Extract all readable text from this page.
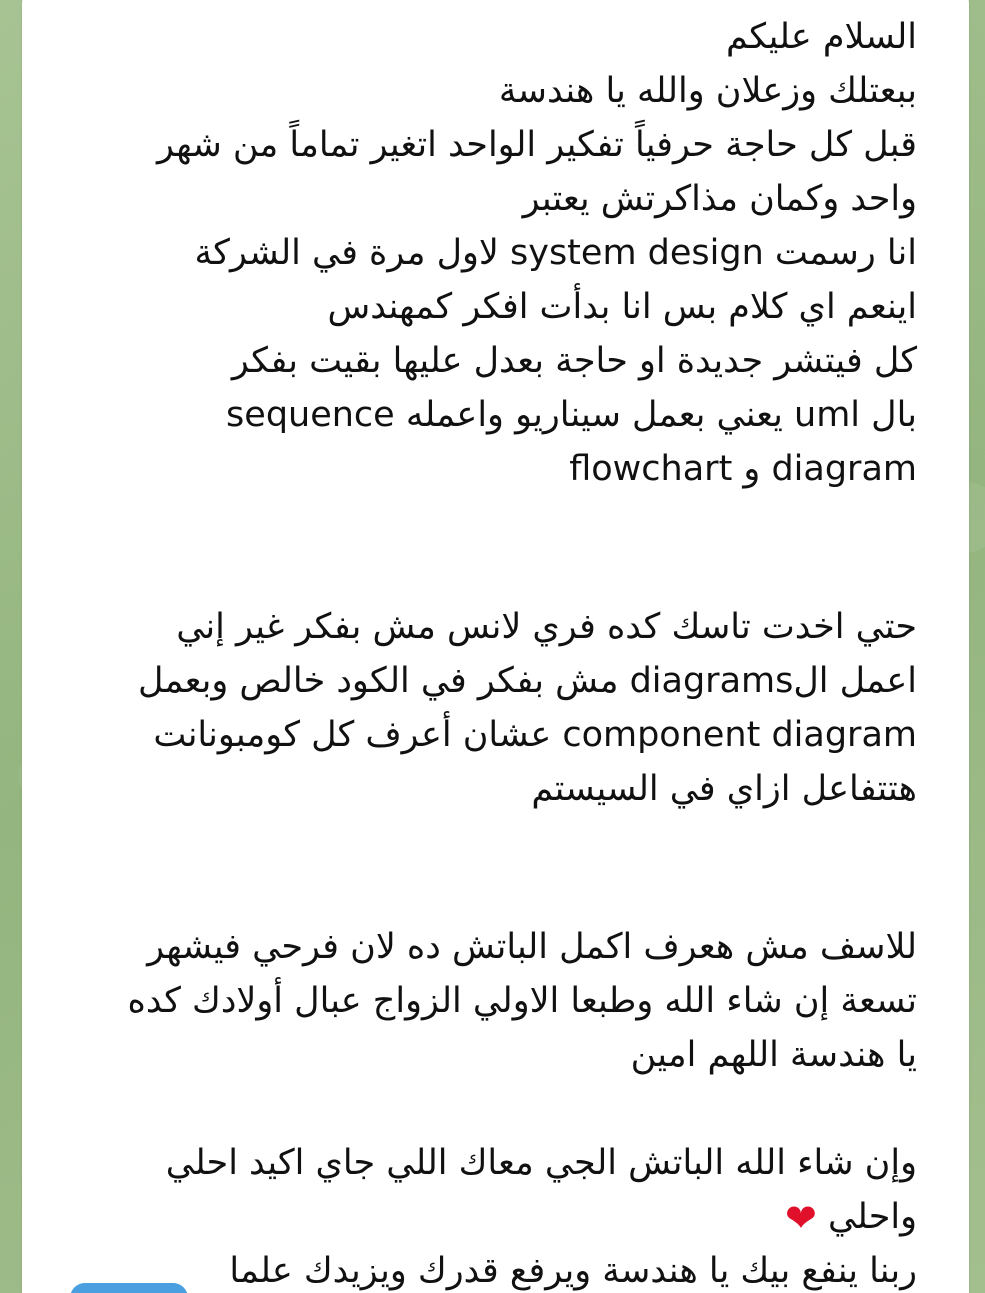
السلام عليكم
ببعتلك وزعلان والله يا هندسة
قبل كل حاجة حرفياً تفكير الواحد اتغير تماماً من شهر
واحد وكمان مذاكرتش يعتبر
انا رسمت system design لاول مرة في الشركة
اينعم اي كلام بس انا بدأت افكر كمهندس
كل فيتشر جديدة او حاجة بعدل عليها بقيت بفكر
بال uml يعني بعمل سيناريو واعمله sequence
diagram و flowchart
حتي اخدت تاسك كده فري لانس مش بفكر غير إني
اعمل الdiagrams مش بفكر في الكود خالص وبعمل
component diagram عشان أعرف كل كومبونانت
هتتفاعل ازاي في السيستم
للاسف مش هعرف اكمل الباتش ده لان فرحي فيشهر
تسعة إن شاء الله وطبعا الاولي الزواج عبال أولادك كده
يا هندسة اللهم امين
وإن شاء الله الباتش الجي معاك اللي جاي اكيد احلي
واحلي ❤
ربنا ينفع بيك يا هندسة ويرفع قدرك ويزيدك علما
